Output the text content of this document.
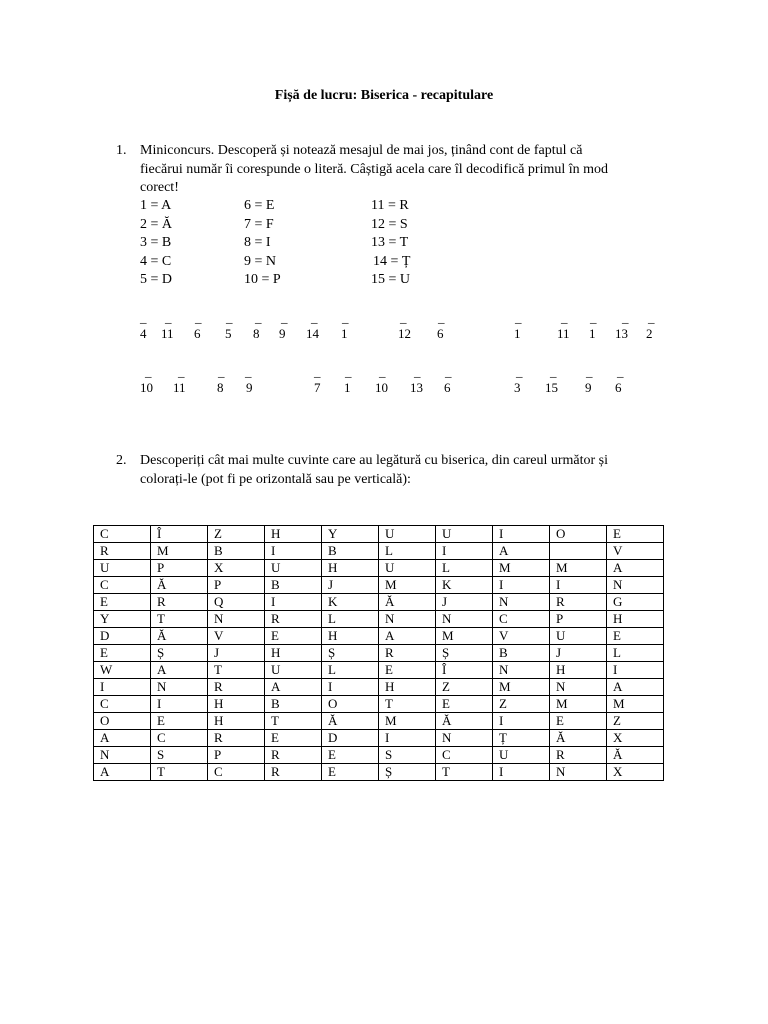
Fișă de lucru: Biserica - recapitulare
1. Miniconcurs. Descoperă și notează mesajul de mai jos, ținând cont de faptul că
fiecărui număr îi corespunde o literă. Câștigă acela care îl decodifică primul în mod
corect!
1 = A	6 = E	11 = R
2 = Ă	7 = F	12 = S
3 = B	8 = I	13 = T
4 = C	9 = N	14 = Ț
5 = D	10 = P	15 = U
_
4
_
11
_
6
_
5
_
8
_
9
_
14
_
1
_
12
_
6
_
1
_
11
_
1
_
13
_
2
_
10
_
11
_
8
_
9
_
7
_
1
_
10
_
13
_
6
_
3
_
15
_
9
_
6
2. Descoperiți cât mai multe cuvinte care au legătură cu biserica, din careul următor și
colorați-le (pot fi pe orizontală sau pe verticală):
C	Î	Z	H	Y	U	U	I	O	E
R	M	B	I	B	L	I	A		V
U	P	X	U	H	U	L	M	M	A
C	Ă	P	B	J	M	K	I	I	N
E	R	Q	I	K	Ă	J	N	R	G
Y	T	N	R	L	N	N	C	P	H
D	Ă	V	E	H	A	M	V	U	E
E	Ș	J	H	Ș	R	Ș	B	J	L
W	A	T	U	L	E	Î	N	H	I
I	N	R	A	I	H	Z	M	N	A
C	I	H	B	O	T	E	Z	M	M
O	E	H	T	Ă	M	Ă	I	E	Z
A	C	R	E	D	I	N	Ț	Ă	X
N	S	P	R	E	S	C	U	R	Ă
A	T	C	R	E	Ș	T	I	N	X
